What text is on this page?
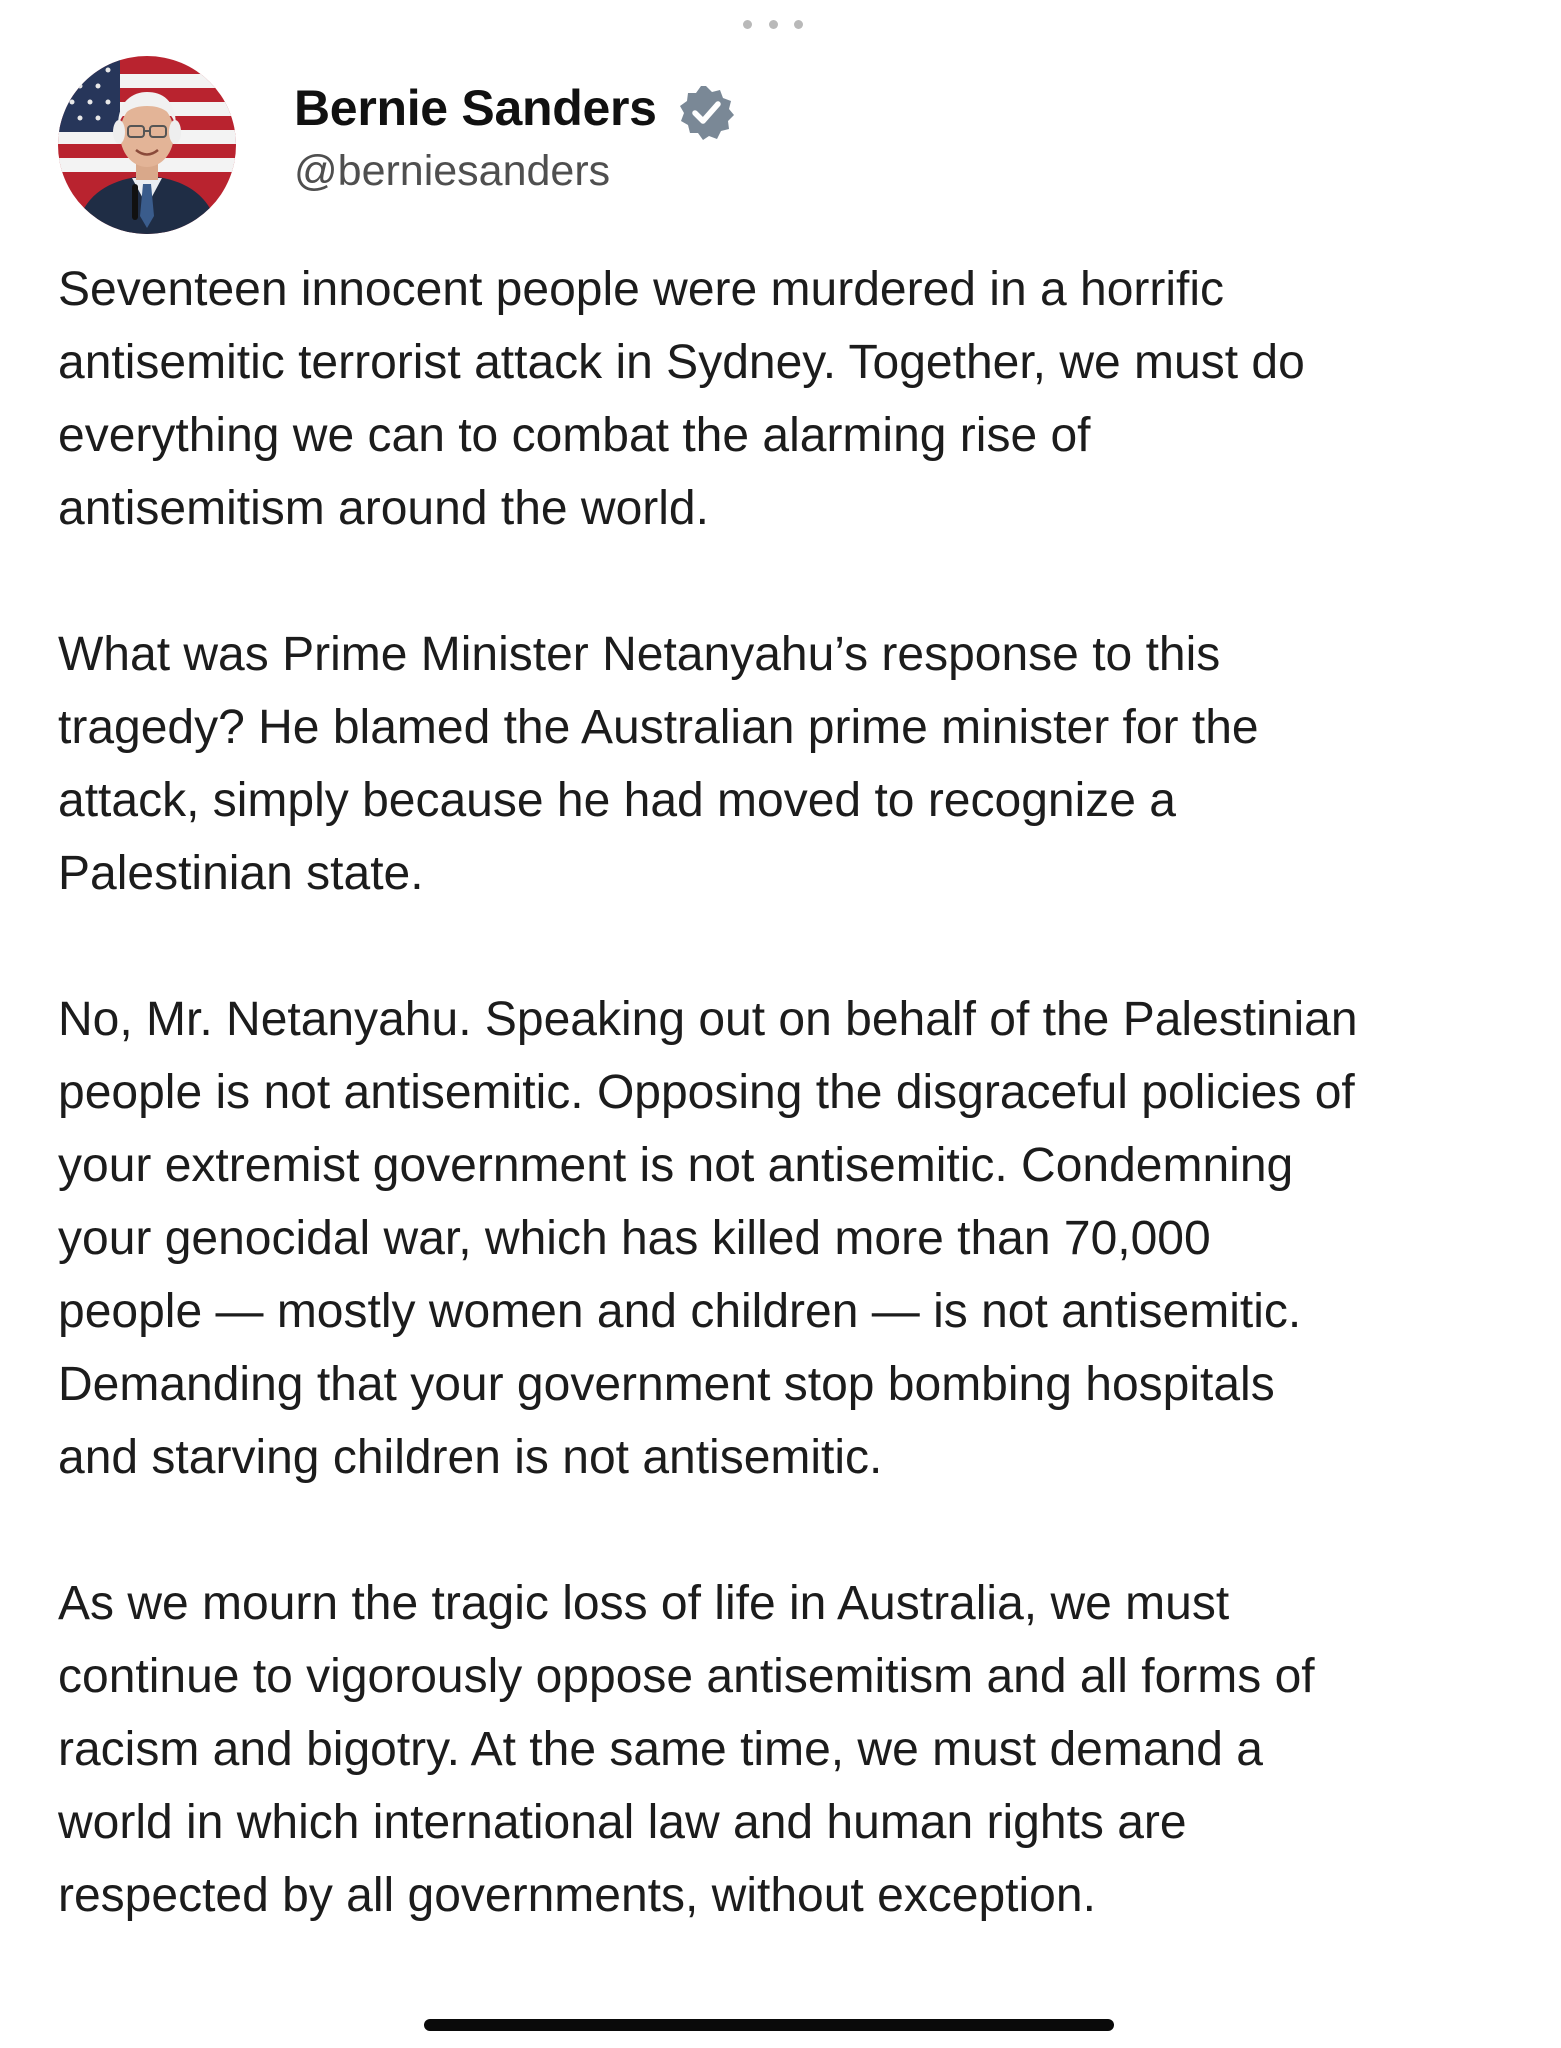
Bernie Sanders
@berniesanders

Seventeen innocent people were murdered in a horrific
antisemitic terrorist attack in Sydney. Together, we must do
everything we can to combat the alarming rise of
antisemitism around the world.

What was Prime Minister Netanyahu’s response to this
tragedy? He blamed the Australian prime minister for the
attack, simply because he had moved to recognize a
Palestinian state.

No, Mr. Netanyahu. Speaking out on behalf of the Palestinian
people is not antisemitic. Opposing the disgraceful policies of
your extremist government is not antisemitic. Condemning
your genocidal war, which has killed more than 70,000
people — mostly women and children — is not antisemitic.
Demanding that your government stop bombing hospitals
and starving children is not antisemitic.

As we mourn the tragic loss of life in Australia, we must
continue to vigorously oppose antisemitism and all forms of
racism and bigotry. At the same time, we must demand a
world in which international law and human rights are
respected by all governments, without exception.
